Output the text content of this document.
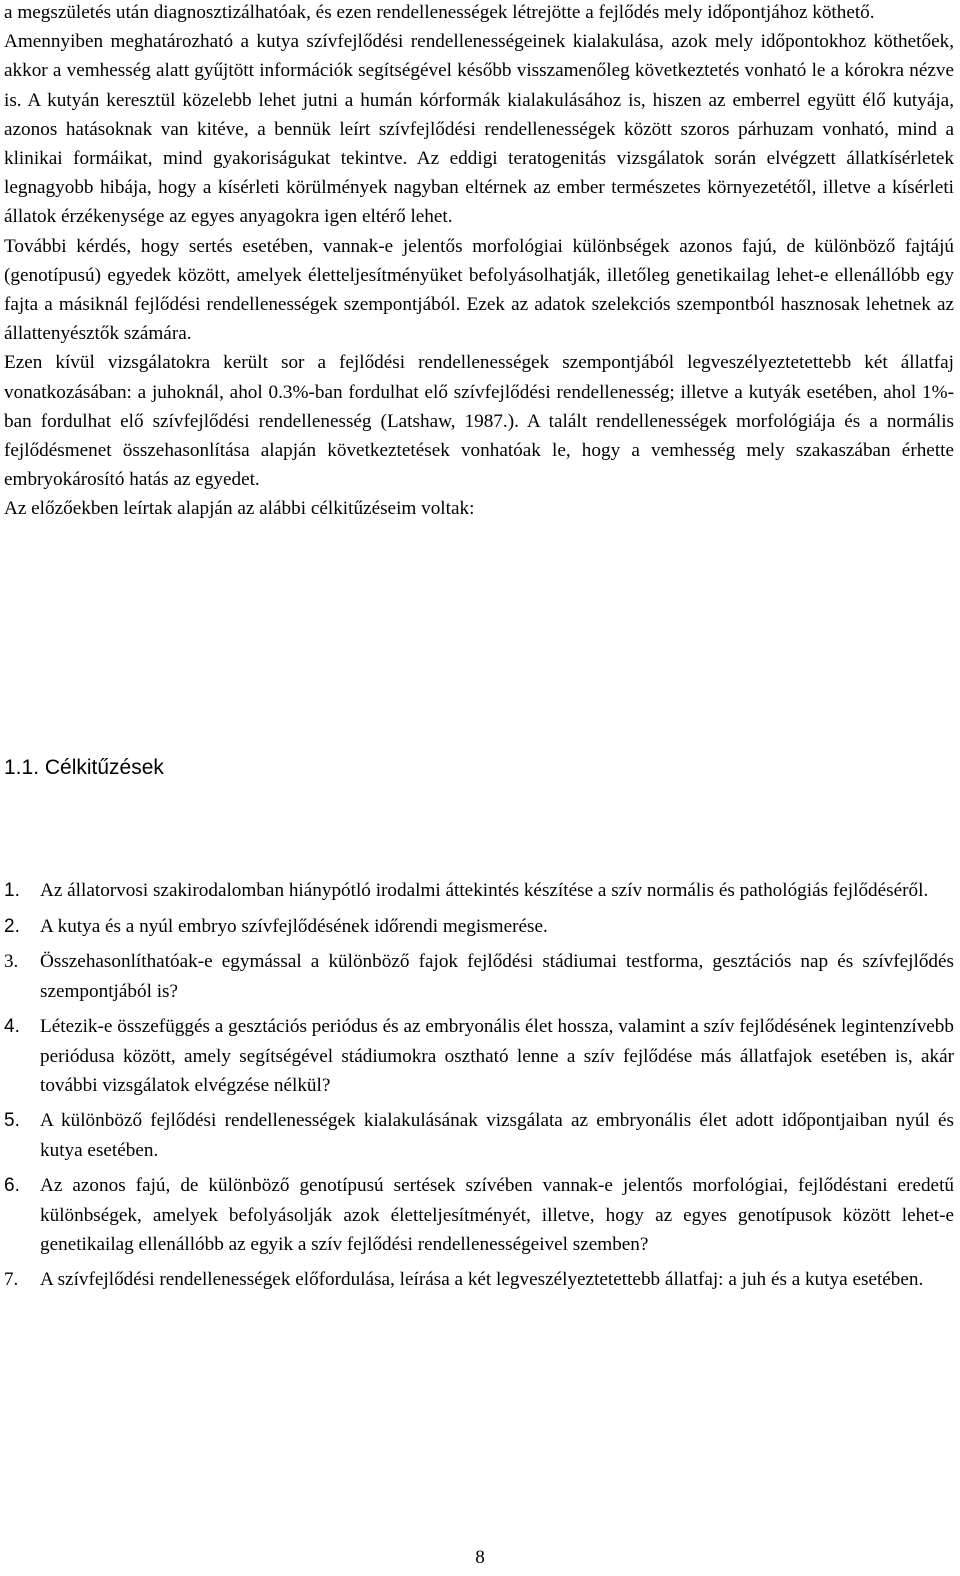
a megszületés után diagnosztizálhatóak, és ezen rendellenességek létrejötte a fejlődés mely időpontjához köthető.

Amennyiben meghatározható a kutya szívfejlődési rendellenességeinek kialakulása, azok mely időpontokhoz köthetőek, akkor a vemhesség alatt gyűjtött információk segítségével később visszamenőleg következtetés vonható le a kórokra nézve is. A kutyán keresztül közelebb lehet jutni a humán kórformák kialakulásához is, hiszen az emberrel együtt élő kutyája, azonos hatásoknak van kitéve, a bennük leírt szívfejlődési rendellenességek között szoros párhuzam vonható, mind a klinikai formáikat, mind gyakoriságukat tekintve. Az eddigi teratogenitás vizsgálatok során elvégzett állatkísérletek legnagyobb hibája, hogy a kísérleti körülmények nagyban eltérnek az ember természetes környezetétől, illetve a kísérleti állatok érzékenysége az egyes anyagokra igen eltérő lehet.

További kérdés, hogy sertés esetében, vannak-e jelentős morfológiai különbségek azonos fajú, de különböző fajtájú (genotípusú) egyedek között, amelyek életteljesítményüket befolyásolhatják, illetőleg genetikailag lehet-e ellenállóbb egy fajta a másiknál fejlődési rendellenességek szempontjából. Ezek az adatok szelekciós szempontból hasznosak lehetnek az állattenyésztők számára.

Ezen kívül vizsgálatokra került sor a fejlődési rendellenességek szempontjából legveszélyeztetettebb két állatfaj vonatkozásában: a juhoknál, ahol 0.3%-ban fordulhat elő szívfejlődési rendellenesség; illetve a kutyák esetében, ahol 1%-ban fordulhat elő szívfejlődési rendellenesség (Latshaw, 1987.). A talált rendellenességek morfológiája és a normális fejlődésmenet összehasonlítása alapján következtetések vonhatóak le, hogy a vemhesség mely szakaszában érhette embryokárosító hatás az egyedet.

Az előzőekben leírtak alapján az alábbi célkitűzéseim voltak:

1.1. Célkitűzések
1. Az állatorvosi szakirodalomban hiánypótló irodalmi áttekintés készítése a szív normális és pathológiás fejlődéséről.
2. A kutya és a nyúl embryo szívfejlődésének időrendi megismerése.
3. Összehasonlíthatóak-e egymással a különböző fajok fejlődési stádiumai testforma, gesztációs nap és szívfejlődés szempontjából is?
4. Létezik-e összefüggés a gesztációs periódus és az embryonális élet hossza, valamint a szív fejlődésének legintenzívebb periódusa között, amely segítségével stádiumokra osztható lenne a szív fejlődése más állatfajok esetében is, akár további vizsgálatok elvégzése nélkül?
5. A különböző fejlődési rendellenességek kialakulásának vizsgálata az embryonális élet adott időpontjaiban nyúl és kutya esetében.
6. Az azonos fajú, de különböző genotípusú sertések szívében vannak-e jelentős morfológiai, fejlődéstani eredetű különbségek, amelyek befolyásolják azok életteljesítményét, illetve, hogy az egyes genotípusok között lehet-e genetikailag ellenállóbb az egyik a szív fejlődési rendellenességeivel szemben?
7. A szívfejlődési rendellenességek előfordulása, leírása a két legveszélyeztetettebb állatfaj: a juh és a kutya esetében.
8
